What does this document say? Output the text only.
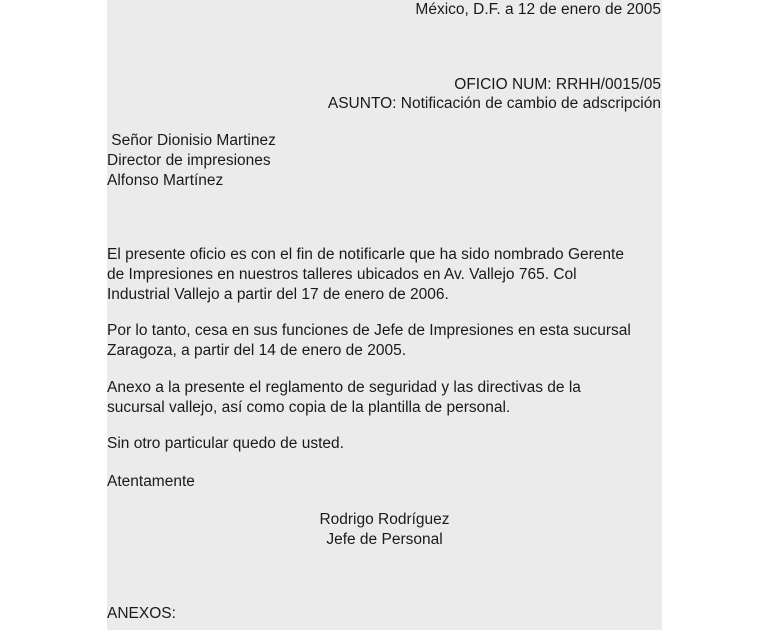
México, D.F. a 12 de enero de 2005

OFICIO NUM: RRHH/0015/05

ASUNTO: Notificación de cambio de adscripción

Señor Dionisio Martinez

Director de impresiones

Alfonso Martínez

El presente oficio es con el fin de notificarle que ha sido nombrado Gerente
de Impresiones en nuestros talleres ubicados en Av. Vallejo 765. Col
Industrial Vallejo a partir del 17 de enero de 2006.
Por lo tanto, cesa en sus funciones de Jefe de Impresiones en esta sucursal
Zaragoza, a partir del 14 de enero de 2005.
Anexo a la presente el reglamento de seguridad y las directivas de la
sucursal vallejo, así como copia de la plantilla de personal.

Sin otro particular quedo de usted.

Atentamente

Rodrigo Rodríguez

Jefe de Personal

ANEXOS:
